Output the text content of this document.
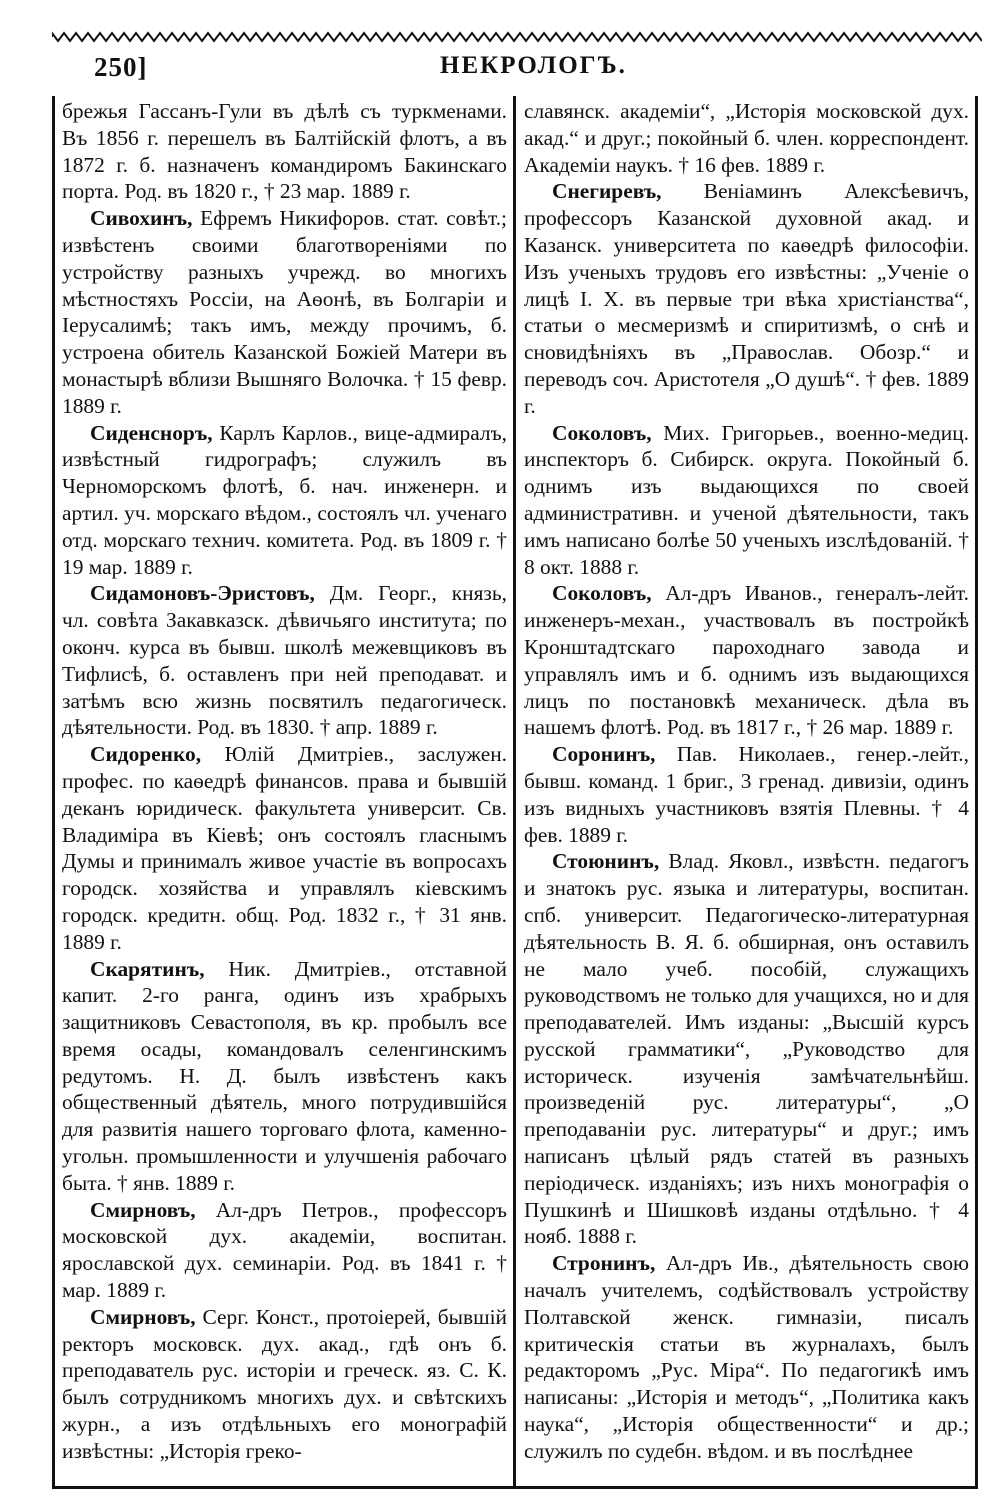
250]	НЕКРОЛОГЪ.

брежья Гассанъ-Гули въ дѣлѣ съ туркменами. Въ 1856 г. перешелъ въ Балтійскій флотъ, а въ 1872 г. б. назначенъ командиромъ Бакинскаго порта. Род. въ 1820 г., † 23 мар. 1889 г.

Сивохинъ, Ефремъ Никифоров. стат. совѣт.; извѣстенъ своими благотвореніями по устройству разныхъ учрежд. во многихъ мѣстностяхъ Россіи, на Аѳонѣ, въ Болгаріи и Іерусалимѣ; такъ имъ, между прочимъ, б. устроена обитель Казанской Божіей Матери въ монастырѣ вблизи Вышняго Волочка. † 15 февр. 1889 г.

Сиденсноръ, Карлъ Карлов., вице-адмиралъ, извѣстный гидрографъ; служилъ въ Черноморскомъ флотѣ, б. нач. инженерн. и артил. уч. морскаго вѣдом., состоялъ чл. ученаго отд. морскаго технич. комитета. Род. въ 1809 г. † 19 мар. 1889 г.

Сидамоновъ-Эристовъ, Дм. Георг., князь, чл. совѣта Закавказск. дѣвичьяго института; по оконч. курса въ бывш. школѣ межевщиковъ въ Тифлисѣ, б. оставленъ при ней преподават. и затѣмъ всю жизнь посвятилъ педагогическ. дѣятельности. Род. въ 1830. † апр. 1889 г.

Сидоренко, Юлій Дмитріев., заслужен. профес. по каѳедрѣ финансов. права и бывшій деканъ юридическ. факультета университ. Св. Владиміра въ Кіевѣ; онъ состоялъ гласнымъ Думы и принималъ живое участіе въ вопросахъ городск. хозяйства и управлялъ кіевскимъ городск. кредитн. общ. Род. 1832 г., † 31 янв. 1889 г.

Скарятинъ, Ник. Дмитріев., отставной капит. 2-го ранга, одинъ изъ храбрыхъ защитниковъ Севастополя, въ кр. пробылъ все время осады, командовалъ селенгинскимъ редутомъ. Н. Д. былъ извѣстенъ какъ общественный дѣятель, много потрудившійся для развитія нашего торговаго флота, каменно-угольн. промышленности и улучшенія рабочаго быта. † янв. 1889 г.

Смирновъ, Ал-дръ Петров., профессоръ московской дух. академіи, воспитан. ярославской дух. семинаріи. Род. въ 1841 г. † мар. 1889 г.

Смирновъ, Серг. Конст., протоіерей, бывшій ректоръ московск. дух. акад., гдѣ онъ б. преподаватель рус. исторіи и греческ. яз. С. К. былъ сотрудникомъ многихъ дух. и свѣтскихъ журн., а изъ отдѣльныхъ его монографій извѣстны: „Исторія греко-

славянск. академіи“, „Исторія московской дух. акад.“ и друг.; покойный б. член. корреспондент. Академіи наукъ. † 16 фев. 1889 г.

Снегиревъ, Веніаминъ Алексѣевичъ, профессоръ Казанской духовной акад. и Казанск. университета по каѳедрѣ философіи. Изъ ученыхъ трудовъ его извѣстны: „Ученіе о лицѣ І. Х. въ первые три вѣка христіанства“, статьи о месмеризмѣ и спиритизмѣ, о снѣ и сновидѣніяхъ въ „Православ. Обозр.“ и переводъ соч. Аристотеля „О душѣ“. † фев. 1889 г.

Соколовъ, Мих. Григорьев., военно-медиц. инспекторъ б. Сибирск. округа. Покойный б. однимъ изъ выдающихся по своей административн. и ученой дѣятельности, такъ имъ написано болѣе 50 ученыхъ изслѣдованій. † 8 окт. 1888 г.

Соколовъ, Ал-дръ Иванов., генералъ-лейт. инженеръ-механ., участвовалъ въ постройкѣ Кронштадтскаго пароходнаго завода и управлялъ имъ и б. однимъ изъ выдающихся лицъ по постановкѣ механическ. дѣла въ нашемъ флотѣ. Род. въ 1817 г., † 26 мар. 1889 г.

Соронинъ, Пав. Николаев., генер.-лейт., бывш. команд. 1 бриг., 3 гренад. дивизіи, одинъ изъ видныхъ участниковъ взятія Плевны. † 4 фев. 1889 г.

Стоюнинъ, Влад. Яковл., извѣстн. педагогъ и знатокъ рус. языка и литературы, воспитан. спб. университ. Педагогическо-литературная дѣятельность В. Я. б. обширная, онъ оставилъ не мало учеб. пособій, служащихъ руководствомъ не только для учащихся, но и для преподавателей. Имъ изданы: „Высшій курсъ русской грамматики“, „Руководство для историческ. изученія замѣчательнѣйш. произведеній рус. литературы“, „О преподаваніи рус. литературы“ и друг.; имъ написанъ цѣлый рядъ статей въ разныхъ періодическ. изданіяхъ; изъ нихъ монографія о Пушкинѣ и Шишковѣ изданы отдѣльно. † 4 нояб. 1888 г.

Стронинъ, Ал-дръ Ив., дѣятельность свою началъ учителемъ, содѣйствовалъ устройству Полтавской женск. гимназіи, писалъ критическія статьи въ журналахъ, былъ редакторомъ „Рус. Міра“. По педагогикѣ имъ написаны: „Исторія и методъ“, „Политика какъ наука“, „Исторія общественности“ и др.; служилъ по судебн. вѣдом. и въ послѣднее
